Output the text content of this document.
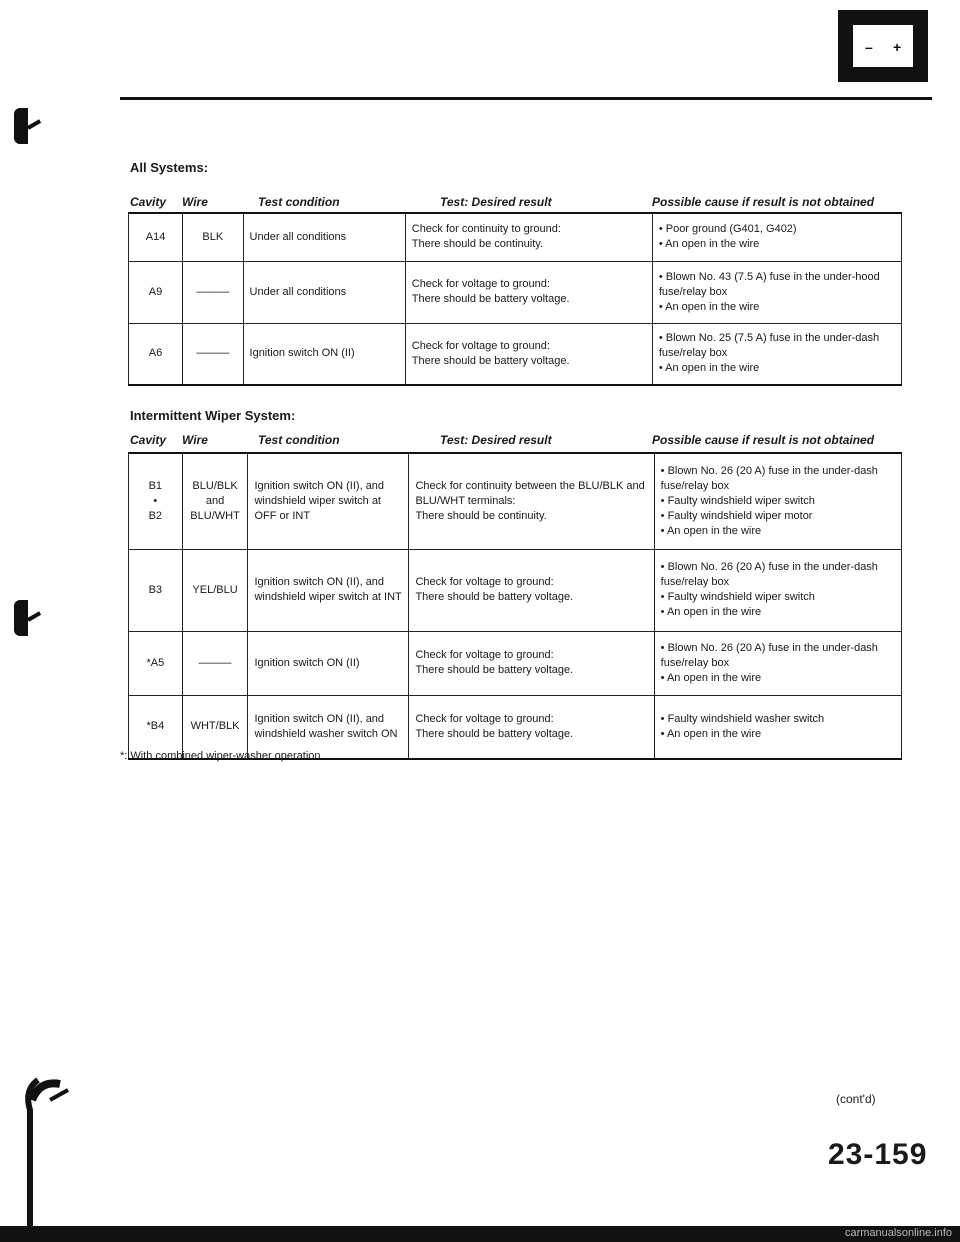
– +
All Systems:
Cavity Wire	Test condition	Test: Desired result	Possible cause if result is not obtained
A14	BLK	Under all conditions	Check for continuity to ground:
There should be continuity.	• Poor ground (G401, G402)
• An open in the wire

A9	———	Under all conditions	Check for voltage to ground:
There should be battery voltage.	• Blown No. 43 (7.5 A) fuse in the under-hood fuse/relay box
• An open in the wire

A6	———	Ignition switch ON (II)	Check for voltage to ground:
There should be battery voltage.	• Blown No. 25 (7.5 A) fuse in the under-dash fuse/relay box
• An open in the wire
Intermittent Wiper System:
Cavity Wire	Test condition	Test: Desired result	Possible cause if result is not obtained
B1
•
B2	BLU/BLK
and
BLU/WHT	Ignition switch ON (II), and windshield wiper switch at OFF or INT	Check for continuity between the BLU/BLK and BLU/WHT terminals:
There should be continuity.	• Blown No. 26 (20 A) fuse in the under-dash fuse/relay box
• Faulty windshield wiper switch
• Faulty windshield wiper motor
• An open in the wire

B3	YEL/BLU	Ignition switch ON (II), and windshield wiper switch at INT	Check for voltage to ground:
There should be battery voltage.	• Blown No. 26 (20 A) fuse in the under-dash fuse/relay box
• Faulty windshield wiper switch
• An open in the wire

*A5	———	Ignition switch ON (II)	Check for voltage to ground:
There should be battery voltage.	• Blown No. 26 (20 A) fuse in the under-dash fuse/relay box
• An open in the wire

*B4	WHT/BLK	Ignition switch ON (II), and windshield washer switch ON	Check for voltage to ground:
There should be battery voltage.	• Faulty windshield washer switch
• An open in the wire
*: With combined wiper-washer operation
(cont'd)
23-159
carmanualsonline.info
